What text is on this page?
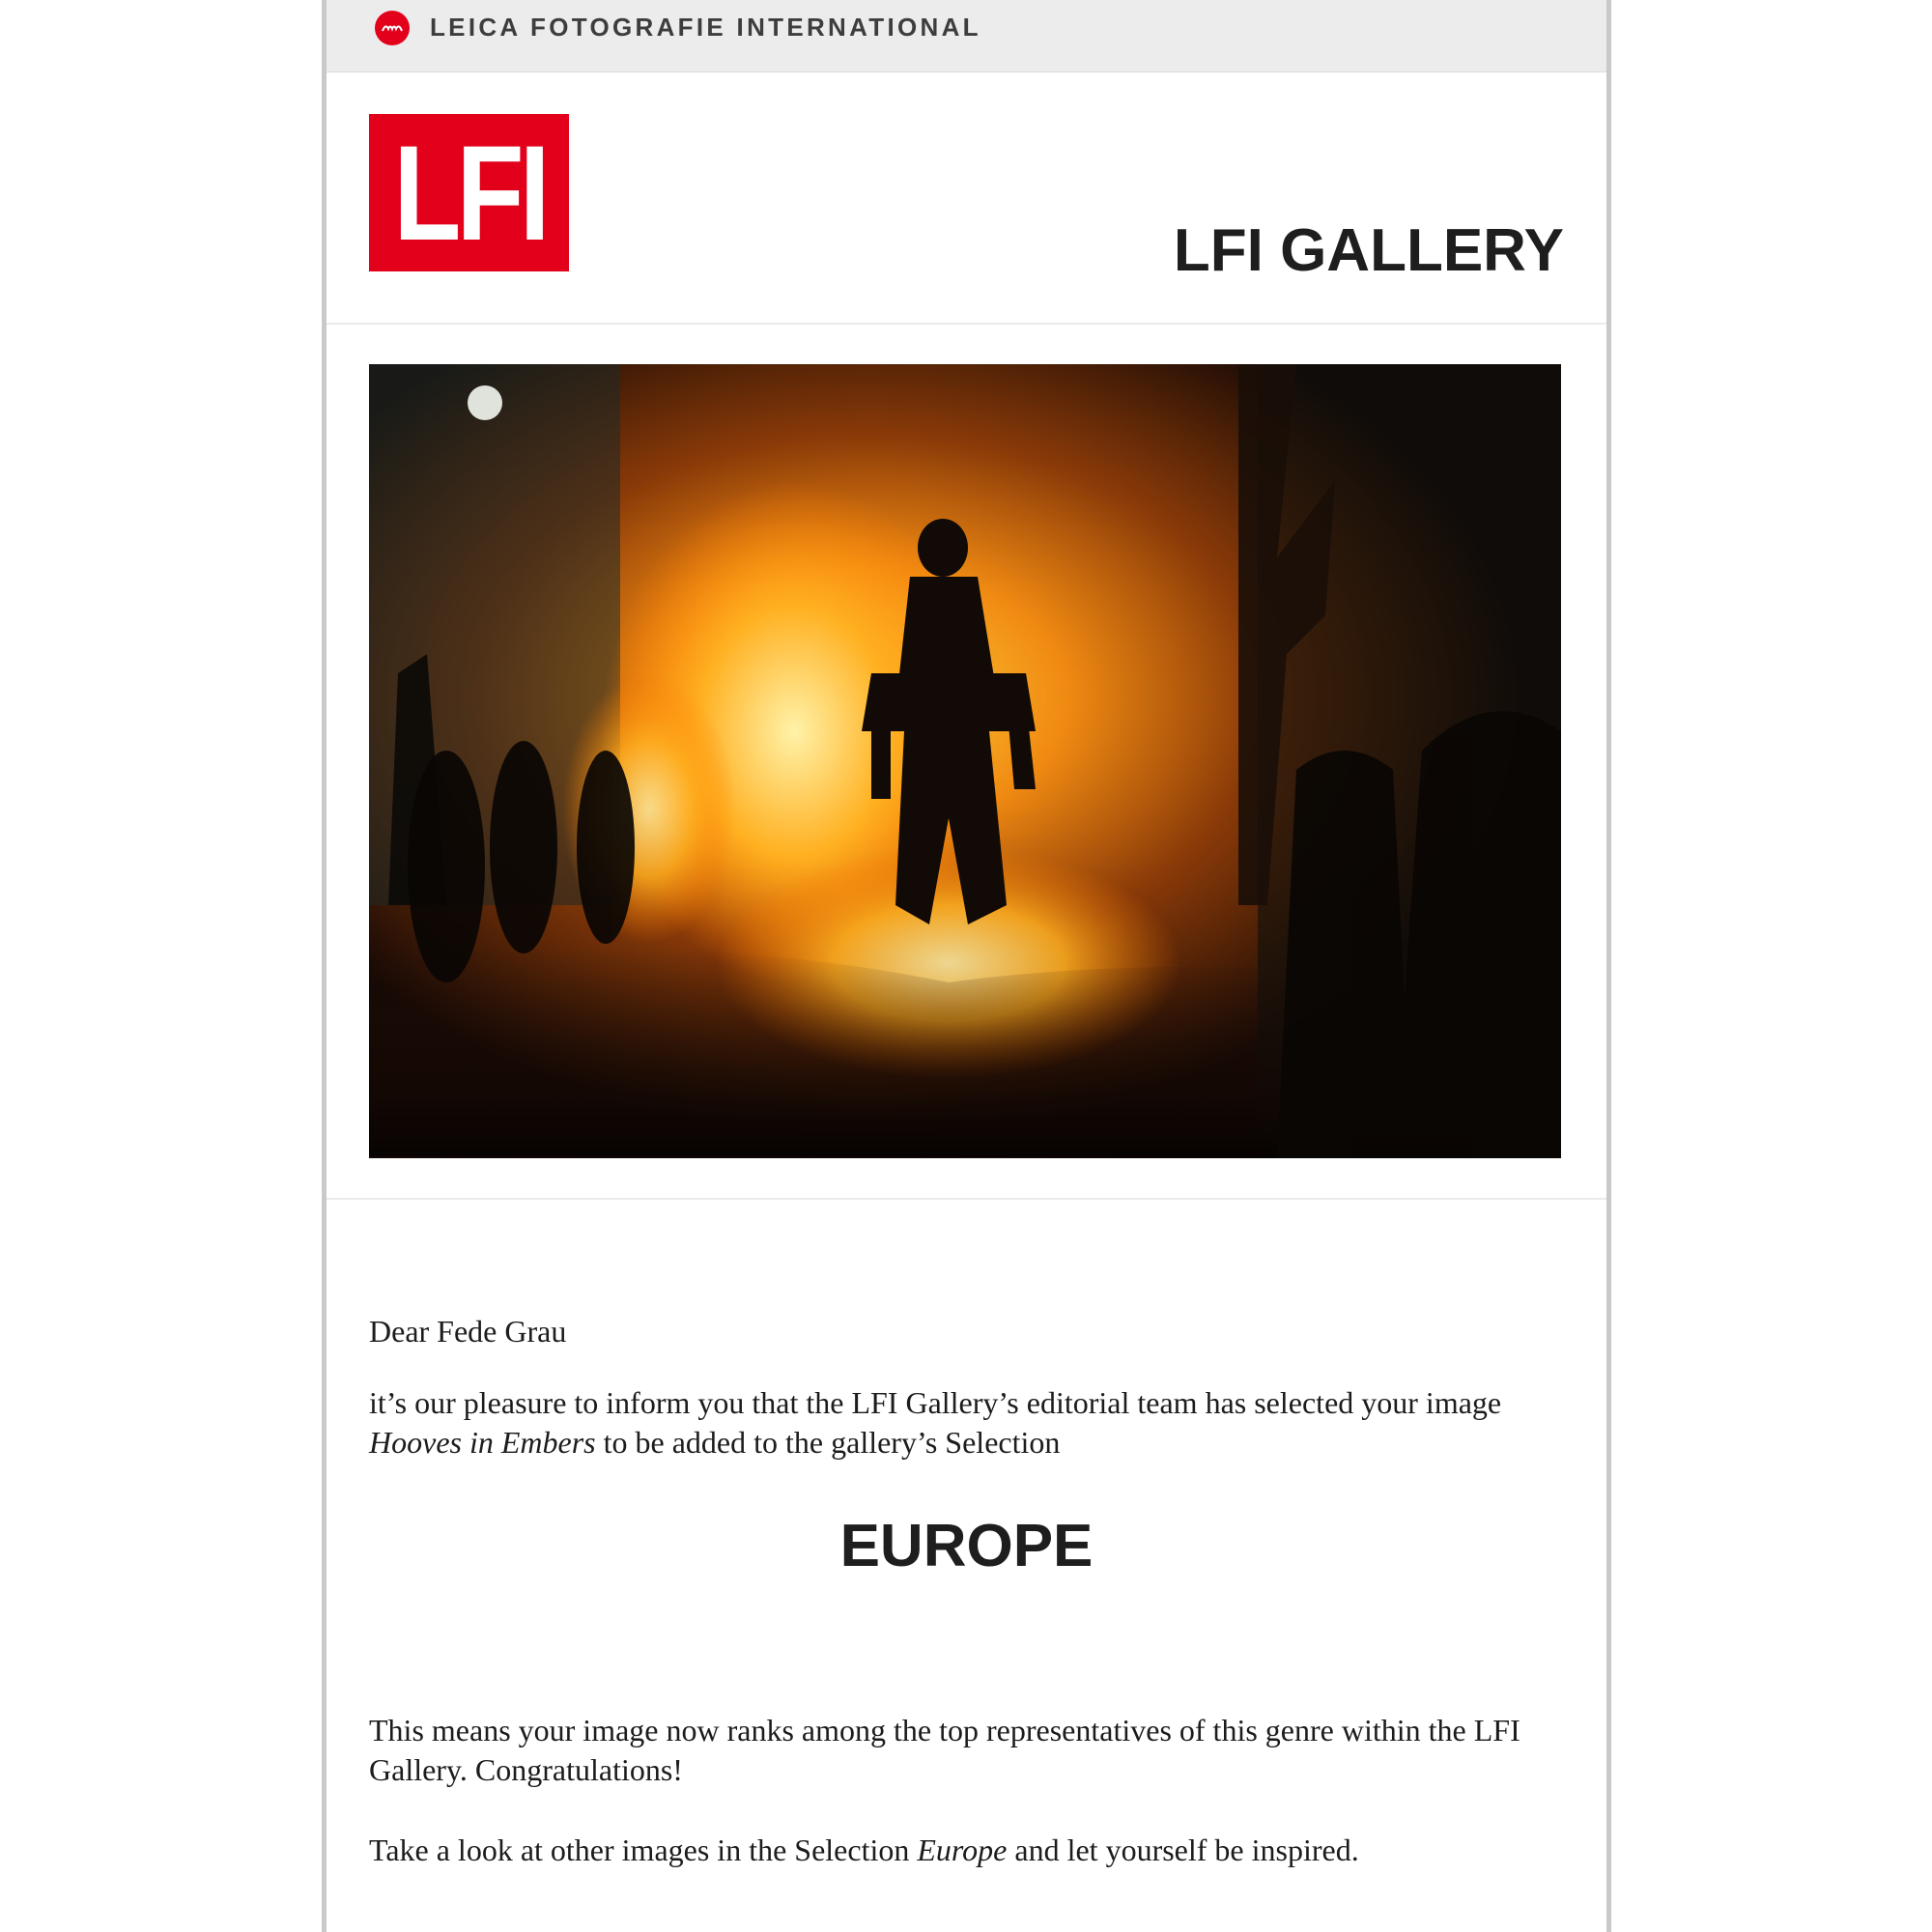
LEICA FOTOGRAFIE INTERNATIONAL
LFI	LFI GALLERY
Dear Fede Grau
it’s our pleasure to inform you that the LFI Gallery’s editorial team has selected your image Hooves in Embers to be added to the gallery’s Selection
EUROPE
This means your image now ranks among the top representatives of this genre within the LFI Gallery. Congratulations!
Take a look at other images in the Selection Europe and let yourself be inspired.
